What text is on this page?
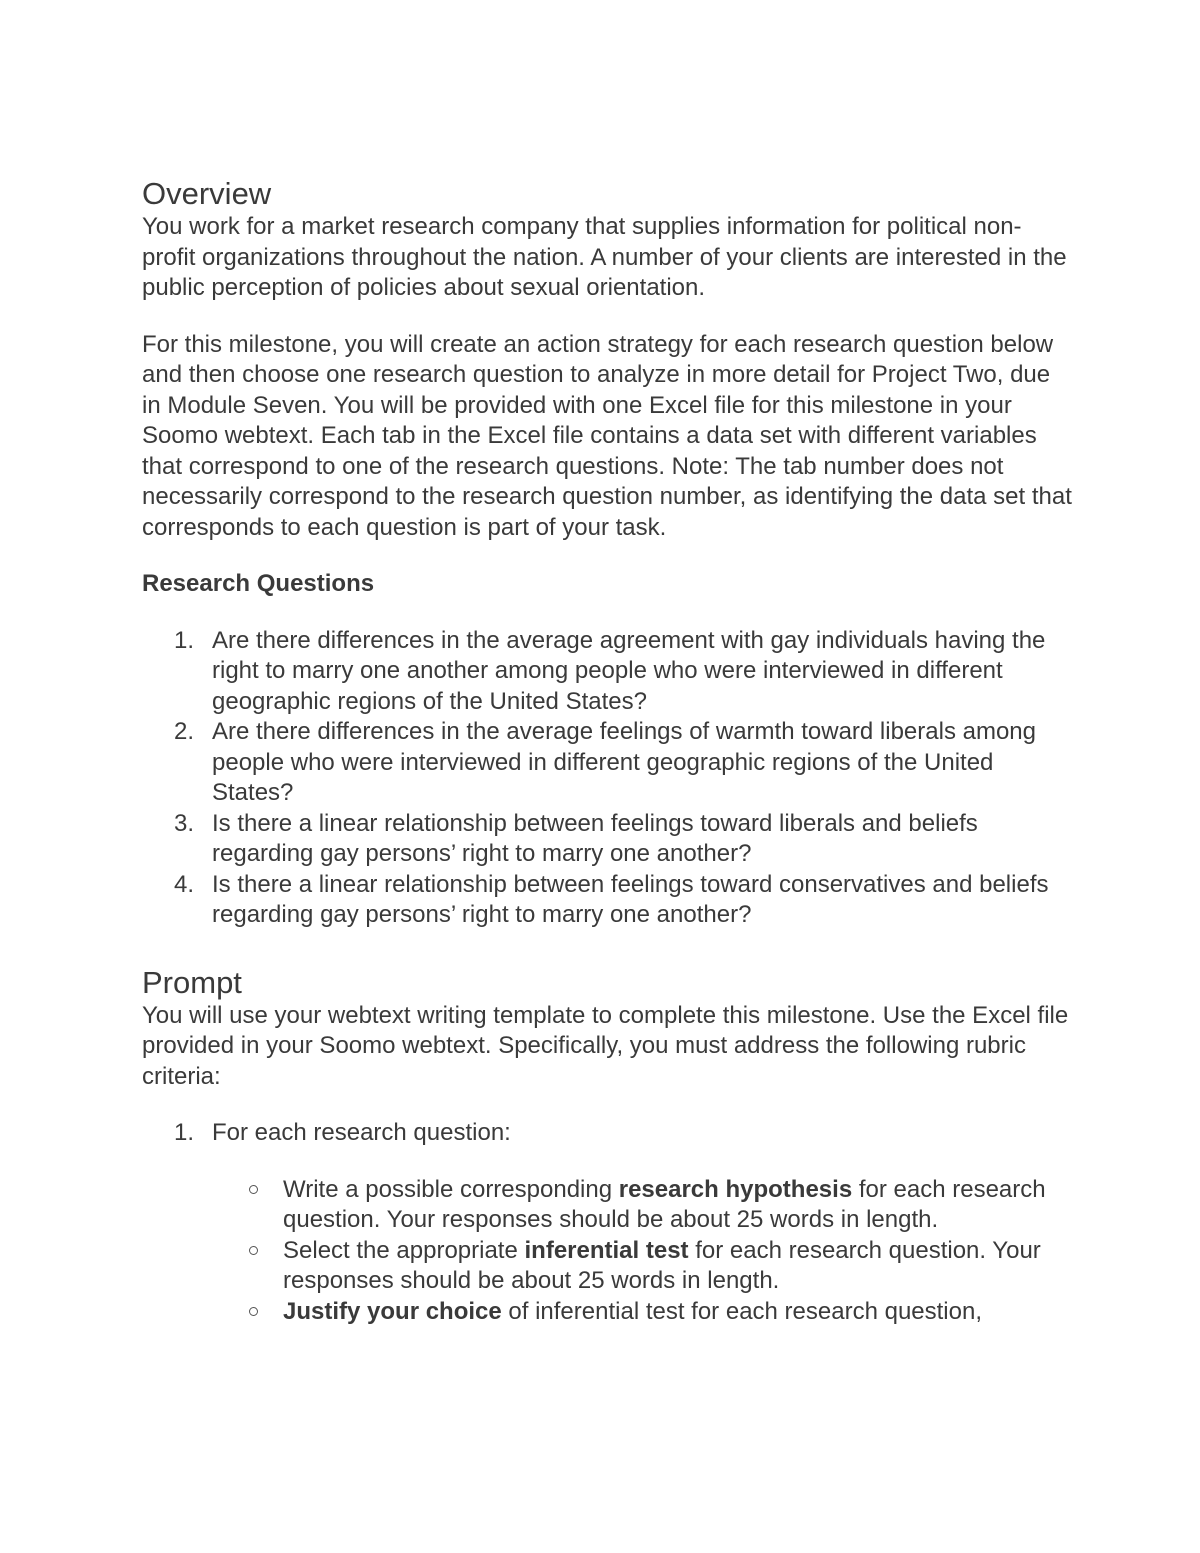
Overview

You work for a market research company that supplies information for political non-profit organizations throughout the nation. A number of your clients are interested in the public perception of policies about sexual orientation.

For this milestone, you will create an action strategy for each research question below and then choose one research question to analyze in more detail for Project Two, due in Module Seven. You will be provided with one Excel file for this milestone in your Soomo webtext. Each tab in the Excel file contains a data set with different variables that correspond to one of the research questions. Note: The tab number does not necessarily correspond to the research question number, as identifying the data set that corresponds to each question is part of your task.

Research Questions
1. Are there differences in the average agreement with gay individuals having the right to marry one another among people who were interviewed in different geographic regions of the United States?
2. Are there differences in the average feelings of warmth toward liberals among people who were interviewed in different geographic regions of the United States?
3. Is there a linear relationship between feelings toward liberals and beliefs regarding gay persons’ right to marry one another?
4. Is there a linear relationship between feelings toward conservatives and beliefs regarding gay persons’ right to marry one another?
Prompt

You will use your webtext writing template to complete this milestone. Use the Excel file provided in your Soomo webtext. Specifically, you must address the following rubric criteria:

1. For each research question:
Write a possible corresponding research hypothesis for each research question. Your responses should be about 25 words in length.
Select the appropriate inferential test for each research question. Your responses should be about 25 words in length.
Justify your choice of inferential test for each research question,
